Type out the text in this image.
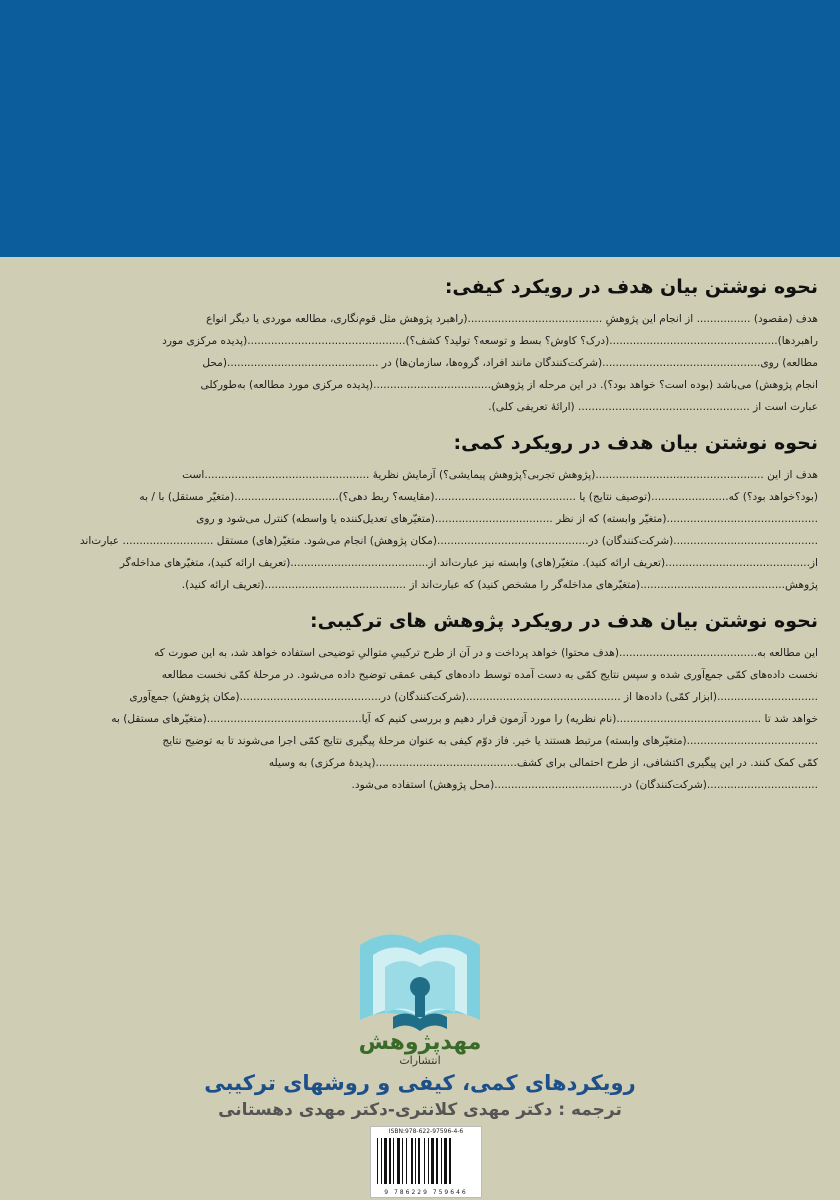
نحوه نوشتن بیان هدف در رویکرد کیفی:
هدف (مقصود) ................ از انجام این پژوهشِ ........................................(راهبرد پژوهش مثل قوم‌نگاری، مطالعه موردی یا دیگر انواع
راهبردها)..................................................(درک؟ کاوش؟ بسط و توسعه؟ تولید؟ کشف؟)...............................................(پدیده مرکزی مورد
مطالعه) روی...............................................(شرکت‌کنندگان مانند افراد، گروه‌ها، سازمان‌ها) در .............................................(محل
انجام پژوهش) می‌باشد (بوده است؟ خواهد بود؟). در این مرحله از پژوهش...................................(پدیده مرکزی مورد مطالعه) به‌طورکلی
عبارت است از ................................................... (ارائهٔ تعریفی کلی).
نحوه نوشتن بیان هدف در رویکرد کمی:
هدف از این ..................................................(پژوهش تجربی؟پژوهش پیمایشی؟) آزمایش نظریهٔ .................................................است
(بود؟خواهد بود؟) که.......................(توصیف نتایج) یا ..........................................(مقایسه؟ ربط دهی؟)...............................(متغیّر مستقل) با / به
.............................................(متغیّر وابسته) که از نظر ...................................(متغیّرهای تعدیل‌کننده یا واسطه) کنترل می‌شود و روی
...........................................(شرکت‌کنندگان) در.............................................(مکان پژوهش) انجام می‌شود. متغیّر(های) مستقل ........................... عبارت‌اند
از...........................................(تعریف ارائه کنید). متغیّر(های) وابسته نیز عبارت‌اند از.........................................(تعریف ارائه کنید)، متغیّرهای مداخله‌گر
پژوهش...........................................(متغیّرهای مداخله‌گر را مشخص کنید) که عبارت‌اند از ..........................................(تعریف ارائه کنید).
نحوه نوشتن بیان هدف در رویکرد پژوهش های ترکیبی:
این مطالعه به.........................................(هدف محتوا) خواهد پرداخت و در آن از طرح ترکیبیِ متوالیِ توضیحی استفاده خواهد شد، به این صورت که
نخست داده‌های کمّی جمع‌آوری شده و سپس نتایج کمّی به دست آمده توسط داده‌های کیفی عمقی توضیح داده می‌شود. در مرحلهٔ کمّی نخست مطالعه
..............................(ابزار کمّی) داده‌ها از ..............................................(شرکت‌کنندگان) در..........................................(مکان پژوهش) جمع‌آوری
خواهد شد تا ...........................................(نام نظریه) را مورد آزمون قرار دهیم و بررسی کنیم که آیا..............................................(متغیّرهای مستقل) به
.......................................(متغیّرهای وابسته) مرتبط هستند یا خیر. فاز دوّم کیفی به عنوان مرحلهٔ پیگیری نتایج کمّی اجرا می‌شوند تا به توضیح نتایج
کمّی کمک کنند. در این پیگیری اکتشافی، از طرح احتمالی برای کشف..........................................(پدیدهٔ مرکزی) به وسیله
.................................(شرکت‌کنندگان) در......................................(محل پژوهش) استفاده می‌شود.
مهدپژوهش
انتشارات
رویکردهای کمی، کیفی و روشهای ترکیبی
ترجمه : دکتر مهدی کلانتری-دکتر مهدی دهستانی
ISBN:978-622-97596-4-6
9 786229 759646
